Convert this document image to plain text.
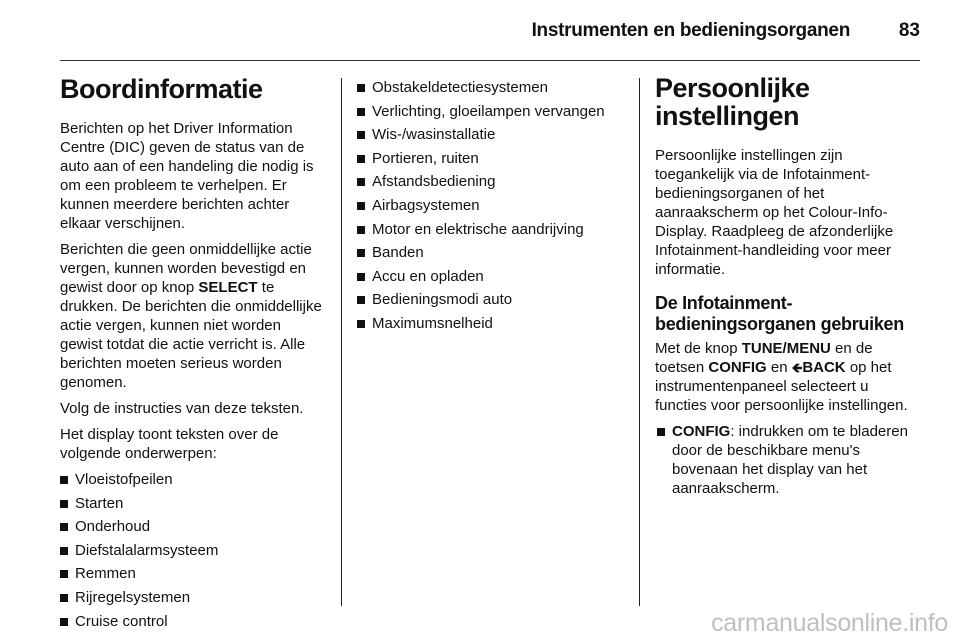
Instrumenten en bedieningsorganen	83
Boordinformatie

Berichten op het Driver Information Centre (DIC) geven de status van de auto aan of een handeling die nodig is om een probleem te verhelpen. Er kunnen meerdere berichten achter elkaar verschijnen.

Berichten die geen onmiddellijke actie vergen, kunnen worden bevestigd en gewist door op knop SELECT te drukken. De berichten die onmiddellijke actie vergen, kunnen niet worden gewist totdat die actie verricht is. Alle berichten moeten serieus worden genomen.

Volg de instructies van deze teksten.

Het display toont teksten over de volgende onderwerpen:

Vloeistofpeilen
Starten
Onderhoud
Diefstalalarmsysteem
Remmen
Rijregelsystemen
Cruise control
Obstakeldetectiesystemen
Verlichting, gloeilampen vervangen
Wis-/wasinstallatie
Portieren, ruiten
Afstandsbediening
Airbagsystemen
Motor en elektrische aandrijving
Banden
Accu en opladen
Bedieningsmodi auto
Maximumsnelheid
Persoonlijke instellingen

Persoonlijke instellingen zijn toegankelijk via de Infotainment-bedieningsorganen of het aanraakscherm op het Colour-Info-Display. Raadpleeg de afzonderlijke Infotainment-handleiding voor meer informatie.

De Infotainment-bedieningsorganen gebruiken

Met de knop TUNE/MENU en de toetsen CONFIG en 🡸BACK op het instrumentenpaneel selecteert u functies voor persoonlijke instellingen.

CONFIG: indrukken om te bladeren door de beschikbare menu's bovenaan het display van het aanraakscherm.
carmanualsonline.info
